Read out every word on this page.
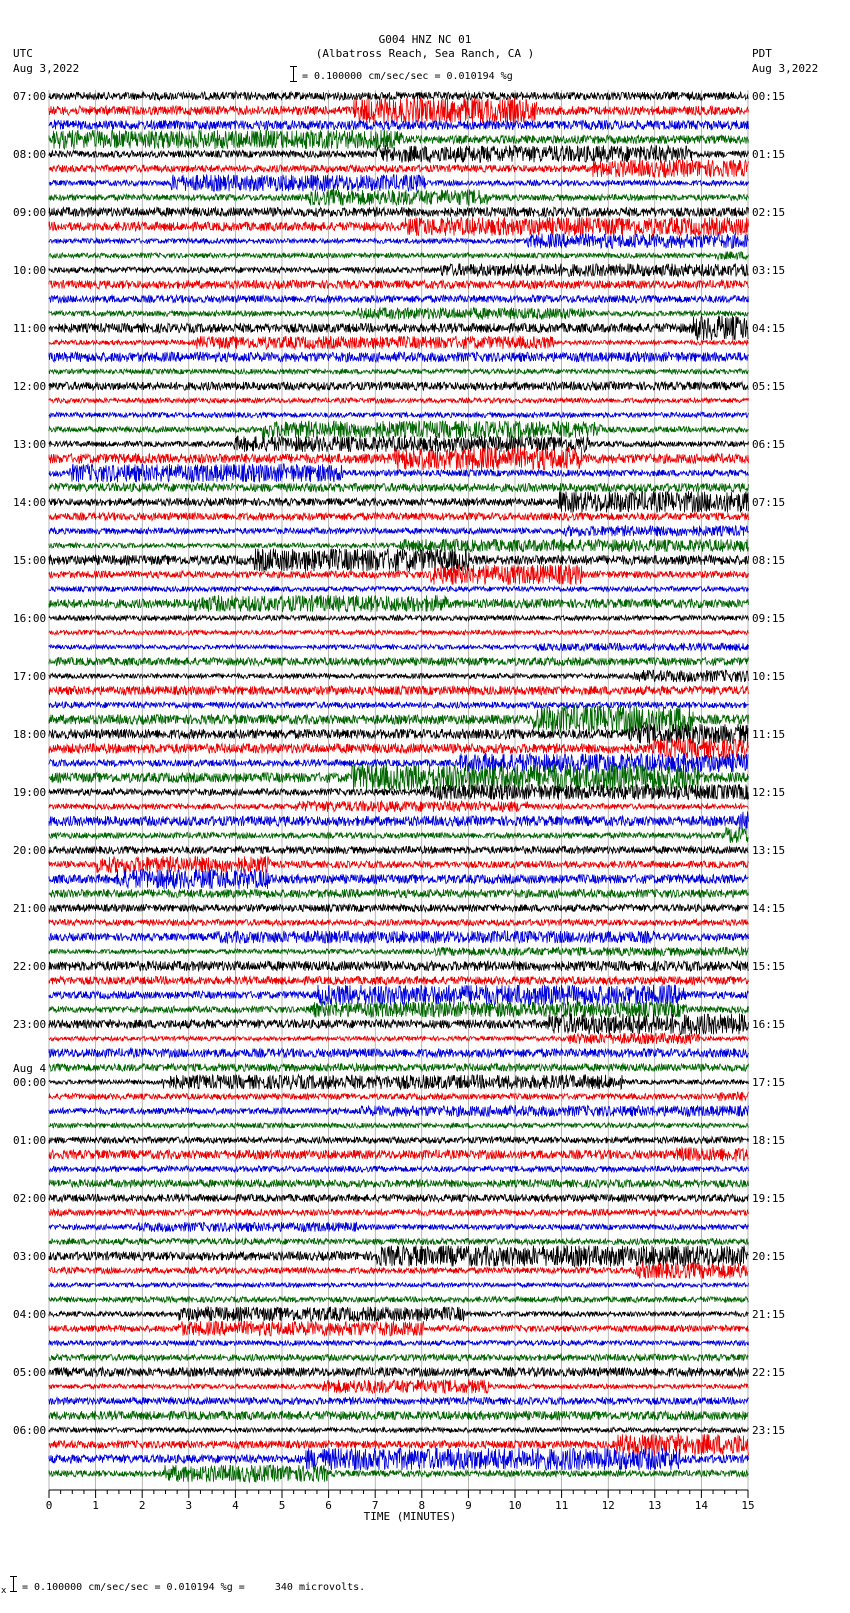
G004 HNZ NC 01
(Albatross Reach, Sea Ranch, CA )
UTC
Aug 3,2022
PDT
Aug 3,2022
= 0.100000 cm/sec/sec = 0.010194 %g
07:00
08:00
09:00
10:00
11:00
12:00
13:00
14:00
15:00
16:00
17:00
18:00
19:00
20:00
21:00
22:00
23:00
00:00
01:00
02:00
03:00
04:00
05:00
06:00
00:15
01:15
02:15
03:15
04:15
05:15
06:15
07:15
08:15
09:15
10:15
11:15
12:15
13:15
14:15
15:15
16:15
17:15
18:15
19:15
20:15
21:15
22:15
23:15
Aug 4
0	1	2	3	4	5	6	7	8	9	10	11	12	13	14	15
TIME (MINUTES)
x = 0.100000 cm/sec/sec = 0.010194 %g =     340 microvolts.
